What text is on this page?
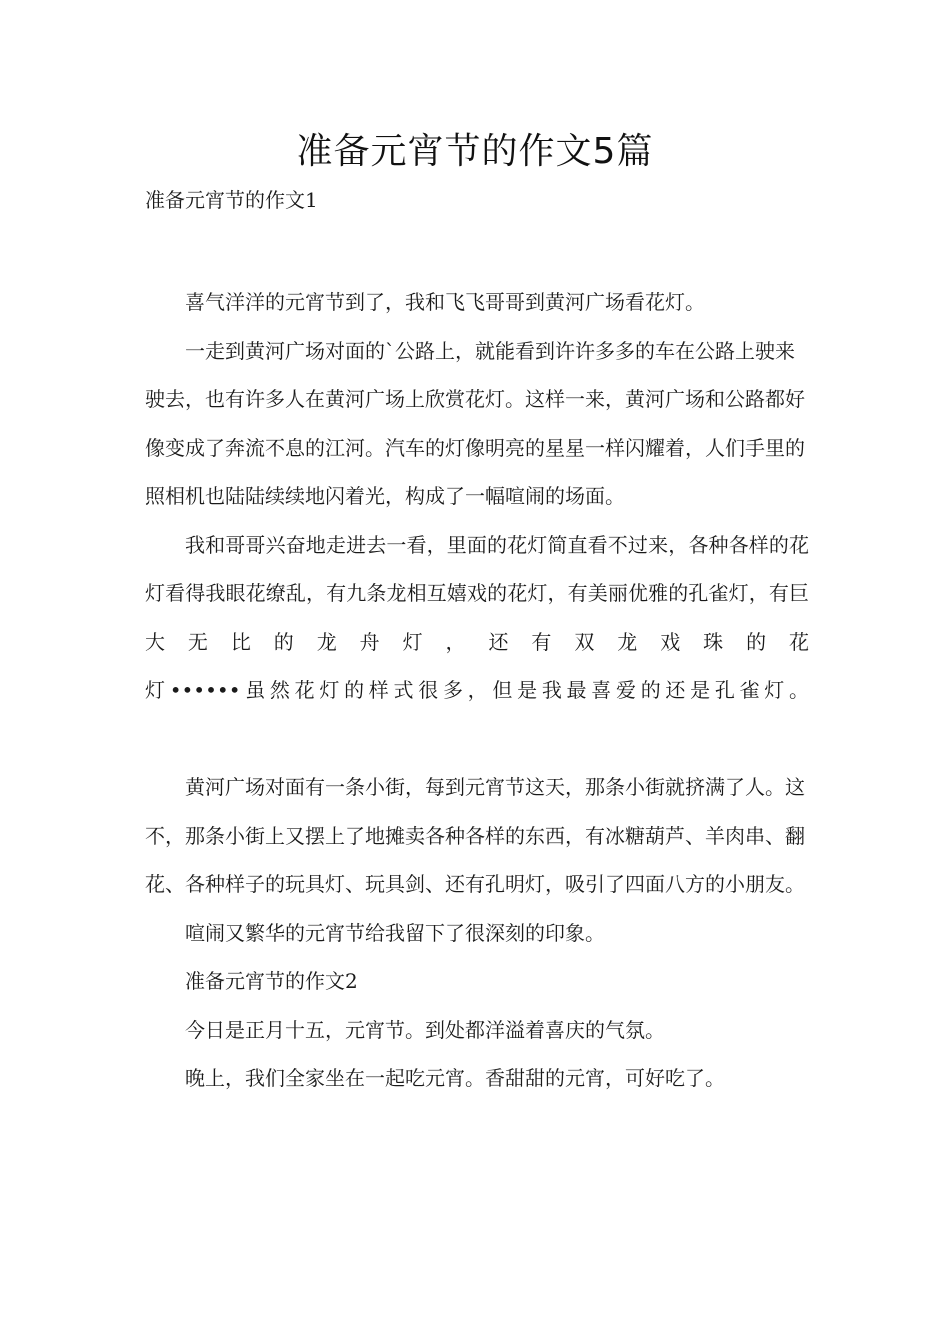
准备元宵节的作文5篇
准备元宵节的作文1

喜气洋洋的元宵节到了，我和飞飞哥哥到黄河广场看花灯。

一走到黄河广场对面的`公路上，就能看到许许多多的车在公路上驶来驶去，也有许多人在黄河广场上欣赏花灯。这样一来，黄河广场和公路都好像变成了奔流不息的江河。汽车的灯像明亮的星星一样闪耀着，人们手里的照相机也陆陆续续地闪着光，构成了一幅喧闹的场面。

我和哥哥兴奋地走进去一看，里面的花灯简直看不过来，各种各样的花灯看得我眼花缭乱，有九条龙相互嬉戏的花灯，有美丽优雅的孔雀灯，有巨大无比的龙舟灯，还有双龙戏珠的花

灯••••••虽然花灯的样式很多，但是我最喜爱的还是孔雀灯。

黄河广场对面有一条小街，每到元宵节这天，那条小街就挤满了人。这不，那条小街上又摆上了地摊卖各种各样的东西，有冰糖葫芦、羊肉串、翻花、各种样子的玩具灯、玩具剑、还有孔明灯，吸引了四面八方的小朋友。

喧闹又繁华的元宵节给我留下了很深刻的印象。

准备元宵节的作文2

今日是正月十五，元宵节。到处都洋溢着喜庆的气氛。

晚上，我们全家坐在一起吃元宵。香甜甜的元宵，可好吃了。
